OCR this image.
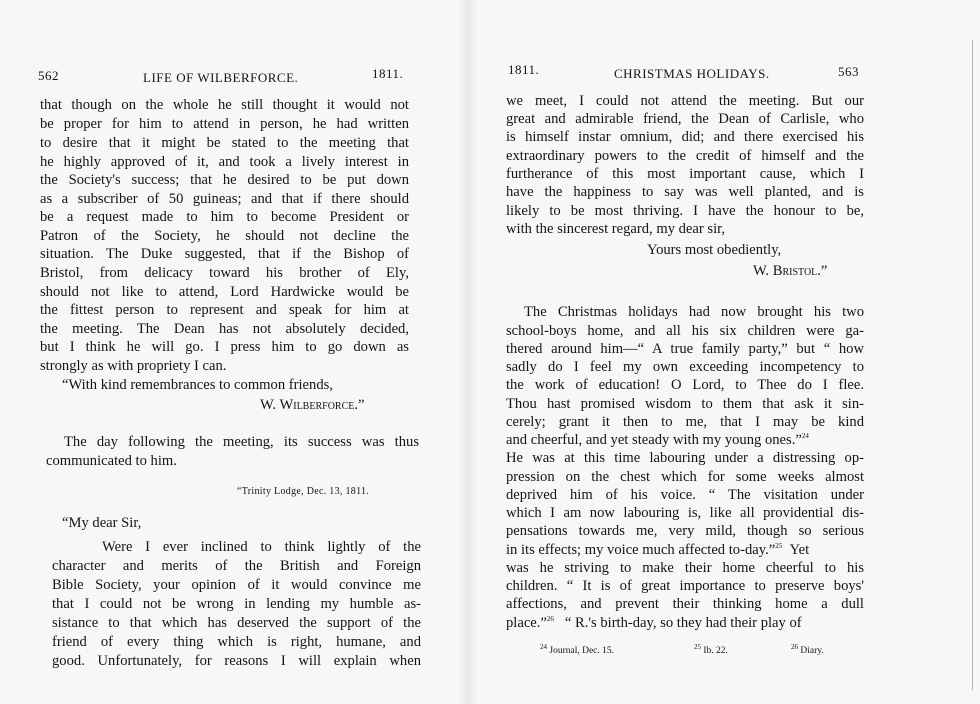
562	LIFE OF WILBERFORCE.	1811.
that though on the whole he still thought it would not
be proper for him to attend in person, he had written
to desire that it might be stated to the meeting that
he highly approved of it, and took a lively interest in
the Society's success; that he desired to be put down
as a subscriber of 50 guineas; and that if there should
be a request made to him to become President or
Patron of the Society, he should not decline the
situation. The Duke suggested, that if the Bishop of
Bristol, from delicacy toward his brother of Ely,
should not like to attend, Lord Hardwicke would be
the fittest person to represent and speak for him at
the meeting. The Dean has not absolutely decided,
but I think he will go. I press him to go down as
strongly as with propriety I can.
“With kind remembrances to common friends,
W. Wilberforce.”
The day following the meeting, its success was thus
communicated to him.
“Trinity Lodge, Dec. 13, 1811.
“My dear Sir,
Were I ever inclined to think lightly of the
character and merits of the British and Foreign
Bible Society, your opinion of it would convince me
that I could not be wrong in lending my humble as-
sistance to that which has deserved the support of the
friend of every thing which is right, humane, and
good. Unfortunately, for reasons I will explain when
1811.	CHRISTMAS HOLIDAYS.	563
we meet, I could not attend the meeting. But our
great and admirable friend, the Dean of Carlisle, who
is himself instar omnium, did; and there exercised his
extraordinary powers to the credit of himself and the
furtherance of this most important cause, which I
have the happiness to say was well planted, and is
likely to be most thriving. I have the honour to be,
with the sincerest regard, my dear sir,
Yours most obediently,
W. Bristol.”
The Christmas holidays had now brought his two
school-boys home, and all his six children were ga-
thered around him—“ A true family party,” but “ how
sadly do I feel my own exceeding incompetency to
the work of education! O Lord, to Thee do I flee.
Thou hast promised wisdom to them that ask it sin-
cerely; grant it then to me, that I may be kind
and cheerful, and yet steady with my young ones.”$^{24}$
He was at this time labouring under a distressing op-
pression on the chest which for some weeks almost
deprived him of his voice. “ The visitation under
which I am now labouring is, like all providential dis-
pensations towards me, very mild, though so serious
in its effects; my voice much affected to-day.”$^{25}$ Yet
was he striving to make their home cheerful to his
children. “ It is of great importance to preserve boys'
affections, and prevent their thinking home a dull
place.”$^{26}$ “ R.'s birth-day, so they had their play of
$^{24}$ Journal, Dec. 15.	$^{25}$ Ib. 22.	$^{26}$ Diary.
